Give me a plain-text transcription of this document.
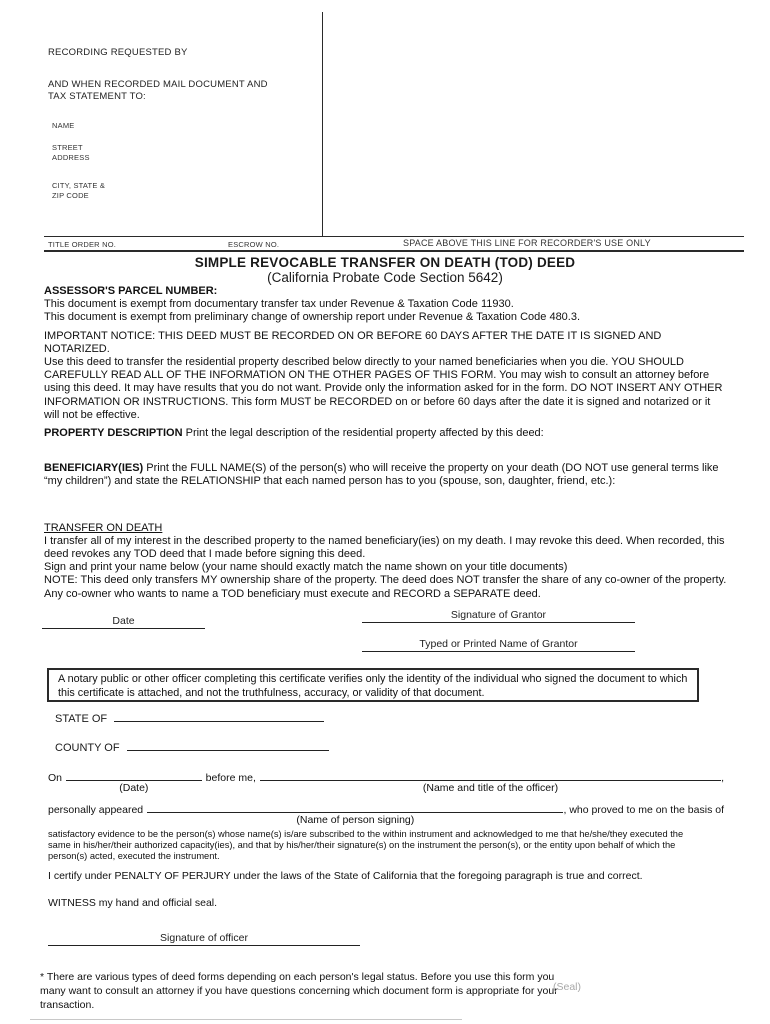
RECORDING REQUESTED BY
AND WHEN RECORDED MAIL DOCUMENT AND
TAX STATEMENT TO:
NAME
STREET
ADDRESS
CITY, STATE &
ZIP CODE
TITLE ORDER NO.	ESCROW NO.	SPACE ABOVE THIS LINE FOR RECORDER'S USE ONLY
SIMPLE REVOCABLE TRANSFER ON DEATH (TOD) DEED
(California Probate Code Section 5642)
ASSESSOR'S PARCEL NUMBER:
This document is exempt from documentary transfer tax under Revenue & Taxation Code 11930.
This document is exempt from preliminary change of ownership report under Revenue & Taxation Code 480.3.
IMPORTANT NOTICE: THIS DEED MUST BE RECORDED ON OR BEFORE 60 DAYS AFTER THE DATE IT IS SIGNED AND NOTARIZED.
Use this deed to transfer the residential property described below directly to your named beneficiaries when you die. YOU SHOULD CAREFULLY READ ALL OF THE INFORMATION ON THE OTHER PAGES OF THIS FORM. You may wish to consult an attorney before using this deed. It may have results that you do not want. Provide only the information asked for in the form. DO NOT INSERT ANY OTHER INFORMATION OR INSTRUCTIONS. This form MUST be RECORDED on or before 60 days after the date it is signed and notarized or it will not be effective.
PROPERTY DESCRIPTION Print the legal description of the residential property affected by this deed:
BENEFICIARY(IES) Print the FULL NAME(S) of the person(s) who will receive the property on your death (DO NOT use general terms like “my children”) and state the RELATIONSHIP that each named person has to you (spouse, son, daughter, friend, etc.):
TRANSFER ON DEATH
I transfer all of my interest in the described property to the named beneficiary(ies) on my death. I may revoke this deed. When recorded, this deed revokes any TOD deed that I made before signing this deed.
Sign and print your name below (your name should exactly match the name shown on your title documents)
NOTE: This deed only transfers MY ownership share of the property. The deed does NOT transfer the share of any co-owner of the property. Any co-owner who wants to name a TOD beneficiary must execute and RECORD a SEPARATE deed.
Date	Signature of Grantor
Typed or Printed Name of Grantor
A notary public or other officer completing this certificate verifies only the identity of the individual who signed the document to which this certificate is attached, and not the truthfulness, accuracy, or validity of that document.
STATE OF
COUNTY OF
On
(Date)
before me,
(Name and title of the officer)
,
personally appeared
(Name of person signing)
, who proved to me on the basis of
satisfactory evidence to be the person(s) whose name(s) is/are subscribed to the within instrument and acknowledged to me that he/she/they executed the same in his/her/their authorized capacity(ies), and that by his/her/their signature(s) on the instrument the person(s), or the entity upon behalf of which the person(s) acted, executed the instrument.
I certify under PENALTY OF PERJURY under the laws of the State of California that the foregoing paragraph is true and correct.
WITNESS my hand and official seal.
Signature of officer
* There are various types of deed forms depending on each person's legal status. Before you use this form you many want to consult an attorney if you have questions concerning which document form is appropriate for your transaction.
(Seal)
